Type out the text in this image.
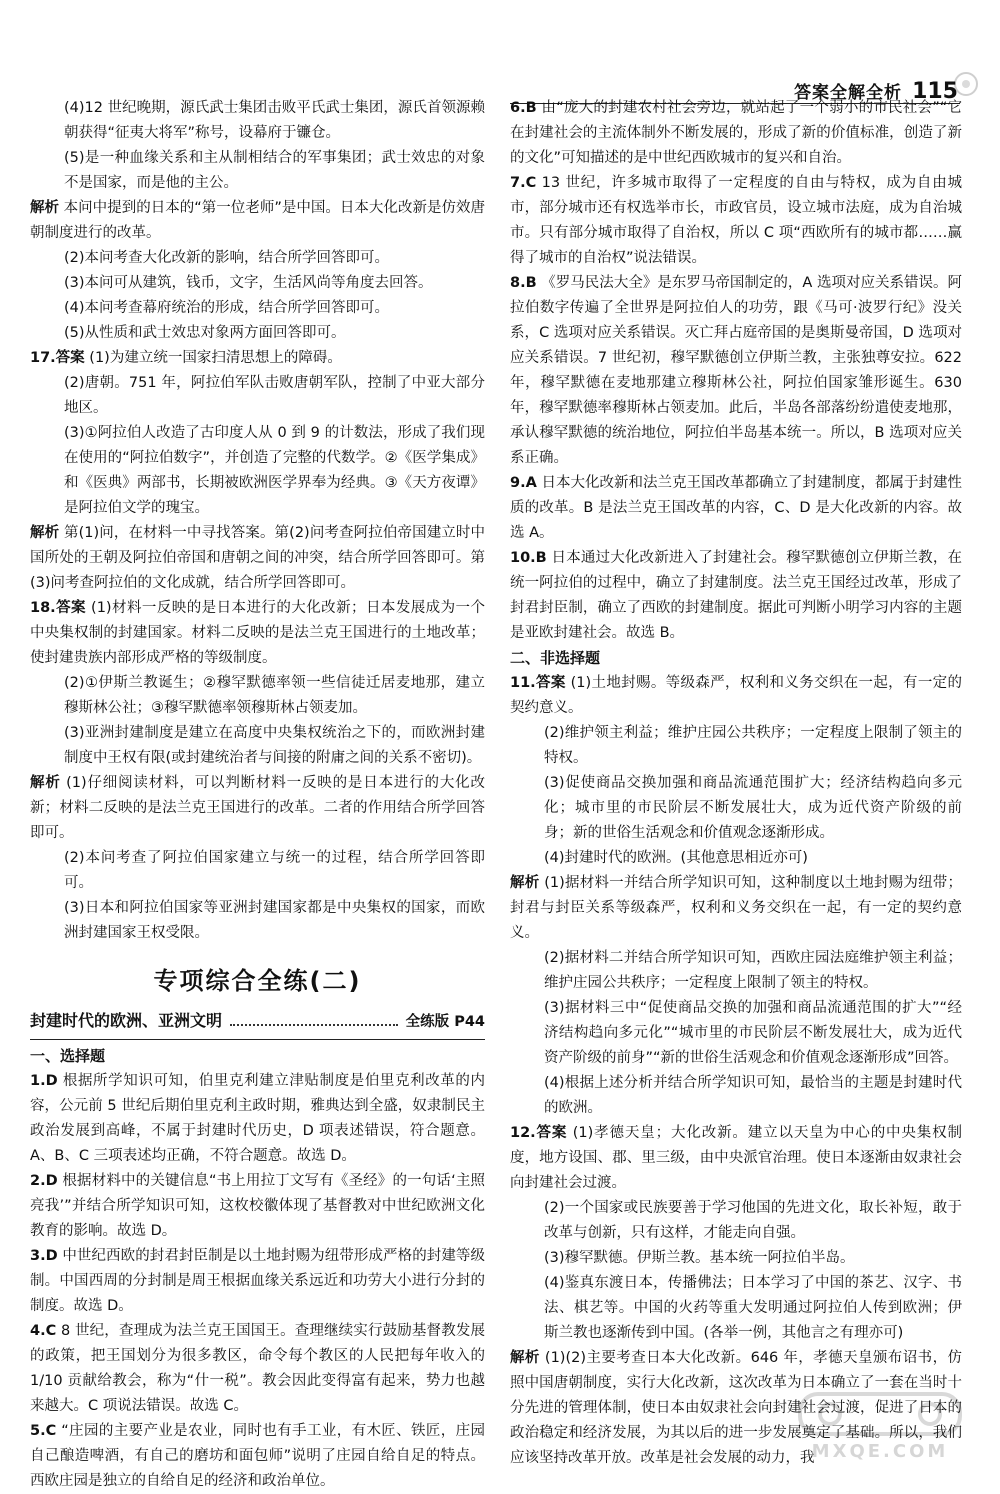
答案全解全析 115

(4)12 世纪晚期，源氏武士集团击败平氏武士集团，源氏首领源赖朝获得“征夷大将军”称号，设幕府于镰仓。

(5)是一种血缘关系和主从制相结合的军事集团；武士效忠的对象不是国家，而是他的主公。

解析 本问中提到的日本的“第一位老师”是中国。日本大化改新是仿效唐朝制度进行的改革。

(2)本问考查大化改新的影响，结合所学回答即可。

(3)本问可从建筑，钱币，文字，生活风尚等角度去回答。

(4)本问考查幕府统治的形成，结合所学回答即可。

(5)从性质和武士效忠对象两方面回答即可。

17.答案 (1)为建立统一国家扫清思想上的障碍。

(2)唐朝。751 年，阿拉伯军队击败唐朝军队，控制了中亚大部分地区。

(3)①阿拉伯人改造了古印度人从 0 到 9 的计数法，形成了我们现在使用的“阿拉伯数字”，并创造了完整的代数学。②《医学集成》和《医典》两部书，长期被欧洲医学界奉为经典。③《天方夜谭》是阿拉伯文学的瑰宝。

解析 第(1)问，在材料一中寻找答案。第(2)问考查阿拉伯帝国建立时中国所处的王朝及阿拉伯帝国和唐朝之间的冲突，结合所学回答即可。第(3)问考查阿拉伯的文化成就，结合所学回答即可。

18.答案 (1)材料一反映的是日本进行的大化改新；日本发展成为一个中央集权制的封建国家。材料二反映的是法兰克王国进行的土地改革；使封建贵族内部形成严格的等级制度。

(2)①伊斯兰教诞生；②穆罕默德率领一些信徒迁居麦地那，建立穆斯林公社；③穆罕默德率领穆斯林占领麦加。

(3)亚洲封建制度是建立在高度中央集权统治之下的，而欧洲封建制度中王权有限(或封建统治者与间接的附庸之间的关系不密切)。

解析 (1)仔细阅读材料，可以判断材料一反映的是日本进行的大化改新；材料二反映的是法兰克王国进行的改革。二者的作用结合所学回答即可。

(2)本问考查了阿拉伯国家建立与统一的过程，结合所学回答即可。

(3)日本和阿拉伯国家等亚洲封建国家都是中央集权的国家，而欧洲封建国家王权受限。

专项综合全练(二)
封建时代的欧洲、亚洲文明	全练版 P44
一、选择题

1.D 根据所学知识可知，伯里克利建立津贴制度是伯里克利改革的内容，公元前 5 世纪后期伯里克利主政时期，雅典达到全盛，奴隶制民主政治发展到高峰，不属于封建时代历史，D 项表述错误，符合题意。A、B、C 三项表述均正确，不符合题意。故选 D。

2.D 根据材料中的关键信息“书上用拉丁文写有《圣经》的一句话‘主照亮我’”并结合所学知识可知，这枚校徽体现了基督教对中世纪欧洲文化教育的影响。故选 D。

3.D 中世纪西欧的封君封臣制是以土地封赐为纽带形成严格的封建等级制。中国西周的分封制是周王根据血缘关系远近和功劳大小进行分封的制度。故选 D。

4.C 8 世纪，查理成为法兰克王国国王。查理继续实行鼓励基督教发展的政策，把王国划分为很多教区，命令每个教区的人民把每年收入的 1/10 贡献给教会，称为“什一税”。教会因此变得富有起来，势力也越来越大。C 项说法错误。故选 C。

5.C “庄园的主要产业是农业，同时也有手工业，有木匠、铁匠，庄园自己酿造啤酒，有自己的磨坊和面包师”说明了庄园自给自足的特点。西欧庄园是独立的自给自足的经济和政治单位。

6.B 由“庞大的封建农村社会旁边，就站起了一个弱小的市民社会”“它在封建社会的主流体制外不断发展的，形成了新的价值标准，创造了新的文化”可知描述的是中世纪西欧城市的复兴和自治。

7.C 13 世纪，许多城市取得了一定程度的自由与特权，成为自由城市，部分城市还有权选举市长，市政官员，设立城市法庭，成为自治城市。只有部分城市取得了自治权，所以 C 项“西欧所有的城市都……赢得了城市的自治权”说法错误。

8.B 《罗马民法大全》是东罗马帝国制定的，A 选项对应关系错误。阿拉伯数字传遍了全世界是阿拉伯人的功劳，跟《马可·波罗行纪》没关系，C 选项对应关系错误。灭亡拜占庭帝国的是奥斯曼帝国，D 选项对应关系错误。7 世纪初，穆罕默德创立伊斯兰教，主张独尊安拉。622 年，穆罕默德在麦地那建立穆斯林公社，阿拉伯国家雏形诞生。630 年，穆罕默德率穆斯林占领麦加。此后，半岛各部落纷纷遣使麦地那，承认穆罕默德的统治地位，阿拉伯半岛基本统一。所以，B 选项对应关系正确。

9.A 日本大化改新和法兰克王国改革都确立了封建制度，都属于封建性质的改革。B 是法兰克王国改革的内容，C、D 是大化改新的内容。故选 A。

10.B 日本通过大化改新进入了封建社会。穆罕默德创立伊斯兰教，在统一阿拉伯的过程中，确立了封建制度。法兰克王国经过改革，形成了封君封臣制，确立了西欧的封建制度。据此可判断小明学习内容的主题是亚欧封建社会。故选 B。

二、非选择题

11.答案 (1)土地封赐。等级森严，权利和义务交织在一起，有一定的契约意义。

(2)维护领主利益；维护庄园公共秩序；一定程度上限制了领主的特权。

(3)促使商品交换加强和商品流通范围扩大；经济结构趋向多元化；城市里的市民阶层不断发展壮大，成为近代资产阶级的前身；新的世俗生活观念和价值观念逐渐形成。

(4)封建时代的欧洲。(其他意思相近亦可)

解析 (1)据材料一并结合所学知识可知，这种制度以土地封赐为纽带；封君与封臣关系等级森严，权利和义务交织在一起，有一定的契约意义。

(2)据材料二并结合所学知识可知，西欧庄园法庭维护领主利益；维护庄园公共秩序；一定程度上限制了领主的特权。

(3)据材料三中“促使商品交换的加强和商品流通范围的扩大”“经济结构趋向多元化”“城市里的市民阶层不断发展壮大，成为近代资产阶级的前身”“新的世俗生活观念和价值观念逐渐形成”回答。

(4)根据上述分析并结合所学知识可知，最恰当的主题是封建时代的欧洲。

12.答案 (1)孝德天皇；大化改新。建立以天皇为中心的中央集权制度，地方设国、郡、里三级，由中央派官治理。使日本逐渐由奴隶社会向封建社会过渡。

(2)一个国家或民族要善于学习他国的先进文化，取长补短，敢于改革与创新，只有这样，才能走向自强。

(3)穆罕默德。伊斯兰教。基本统一阿拉伯半岛。

(4)鉴真东渡日本，传播佛法；日本学习了中国的茶艺、汉字、书法、棋艺等。中国的火药等重大发明通过阿拉伯人传到欧洲；伊斯兰教也逐渐传到中国。(各举一例，其他言之有理亦可)

解析 (1)(2)主要考查日本大化改新。646 年，孝德天皇颁布诏书，仿照中国唐朝制度，实行大化改新，这次改革为日本确立了一套在当时十分先进的管理体制，使日本由奴隶社会向封建社会过渡，促进了日本的政治稳定和经济发展，为其以后的进一步发展奠定了基础。所以，我们应该坚持改革开放。改革是社会发展的动力，我

MXQE.COM
